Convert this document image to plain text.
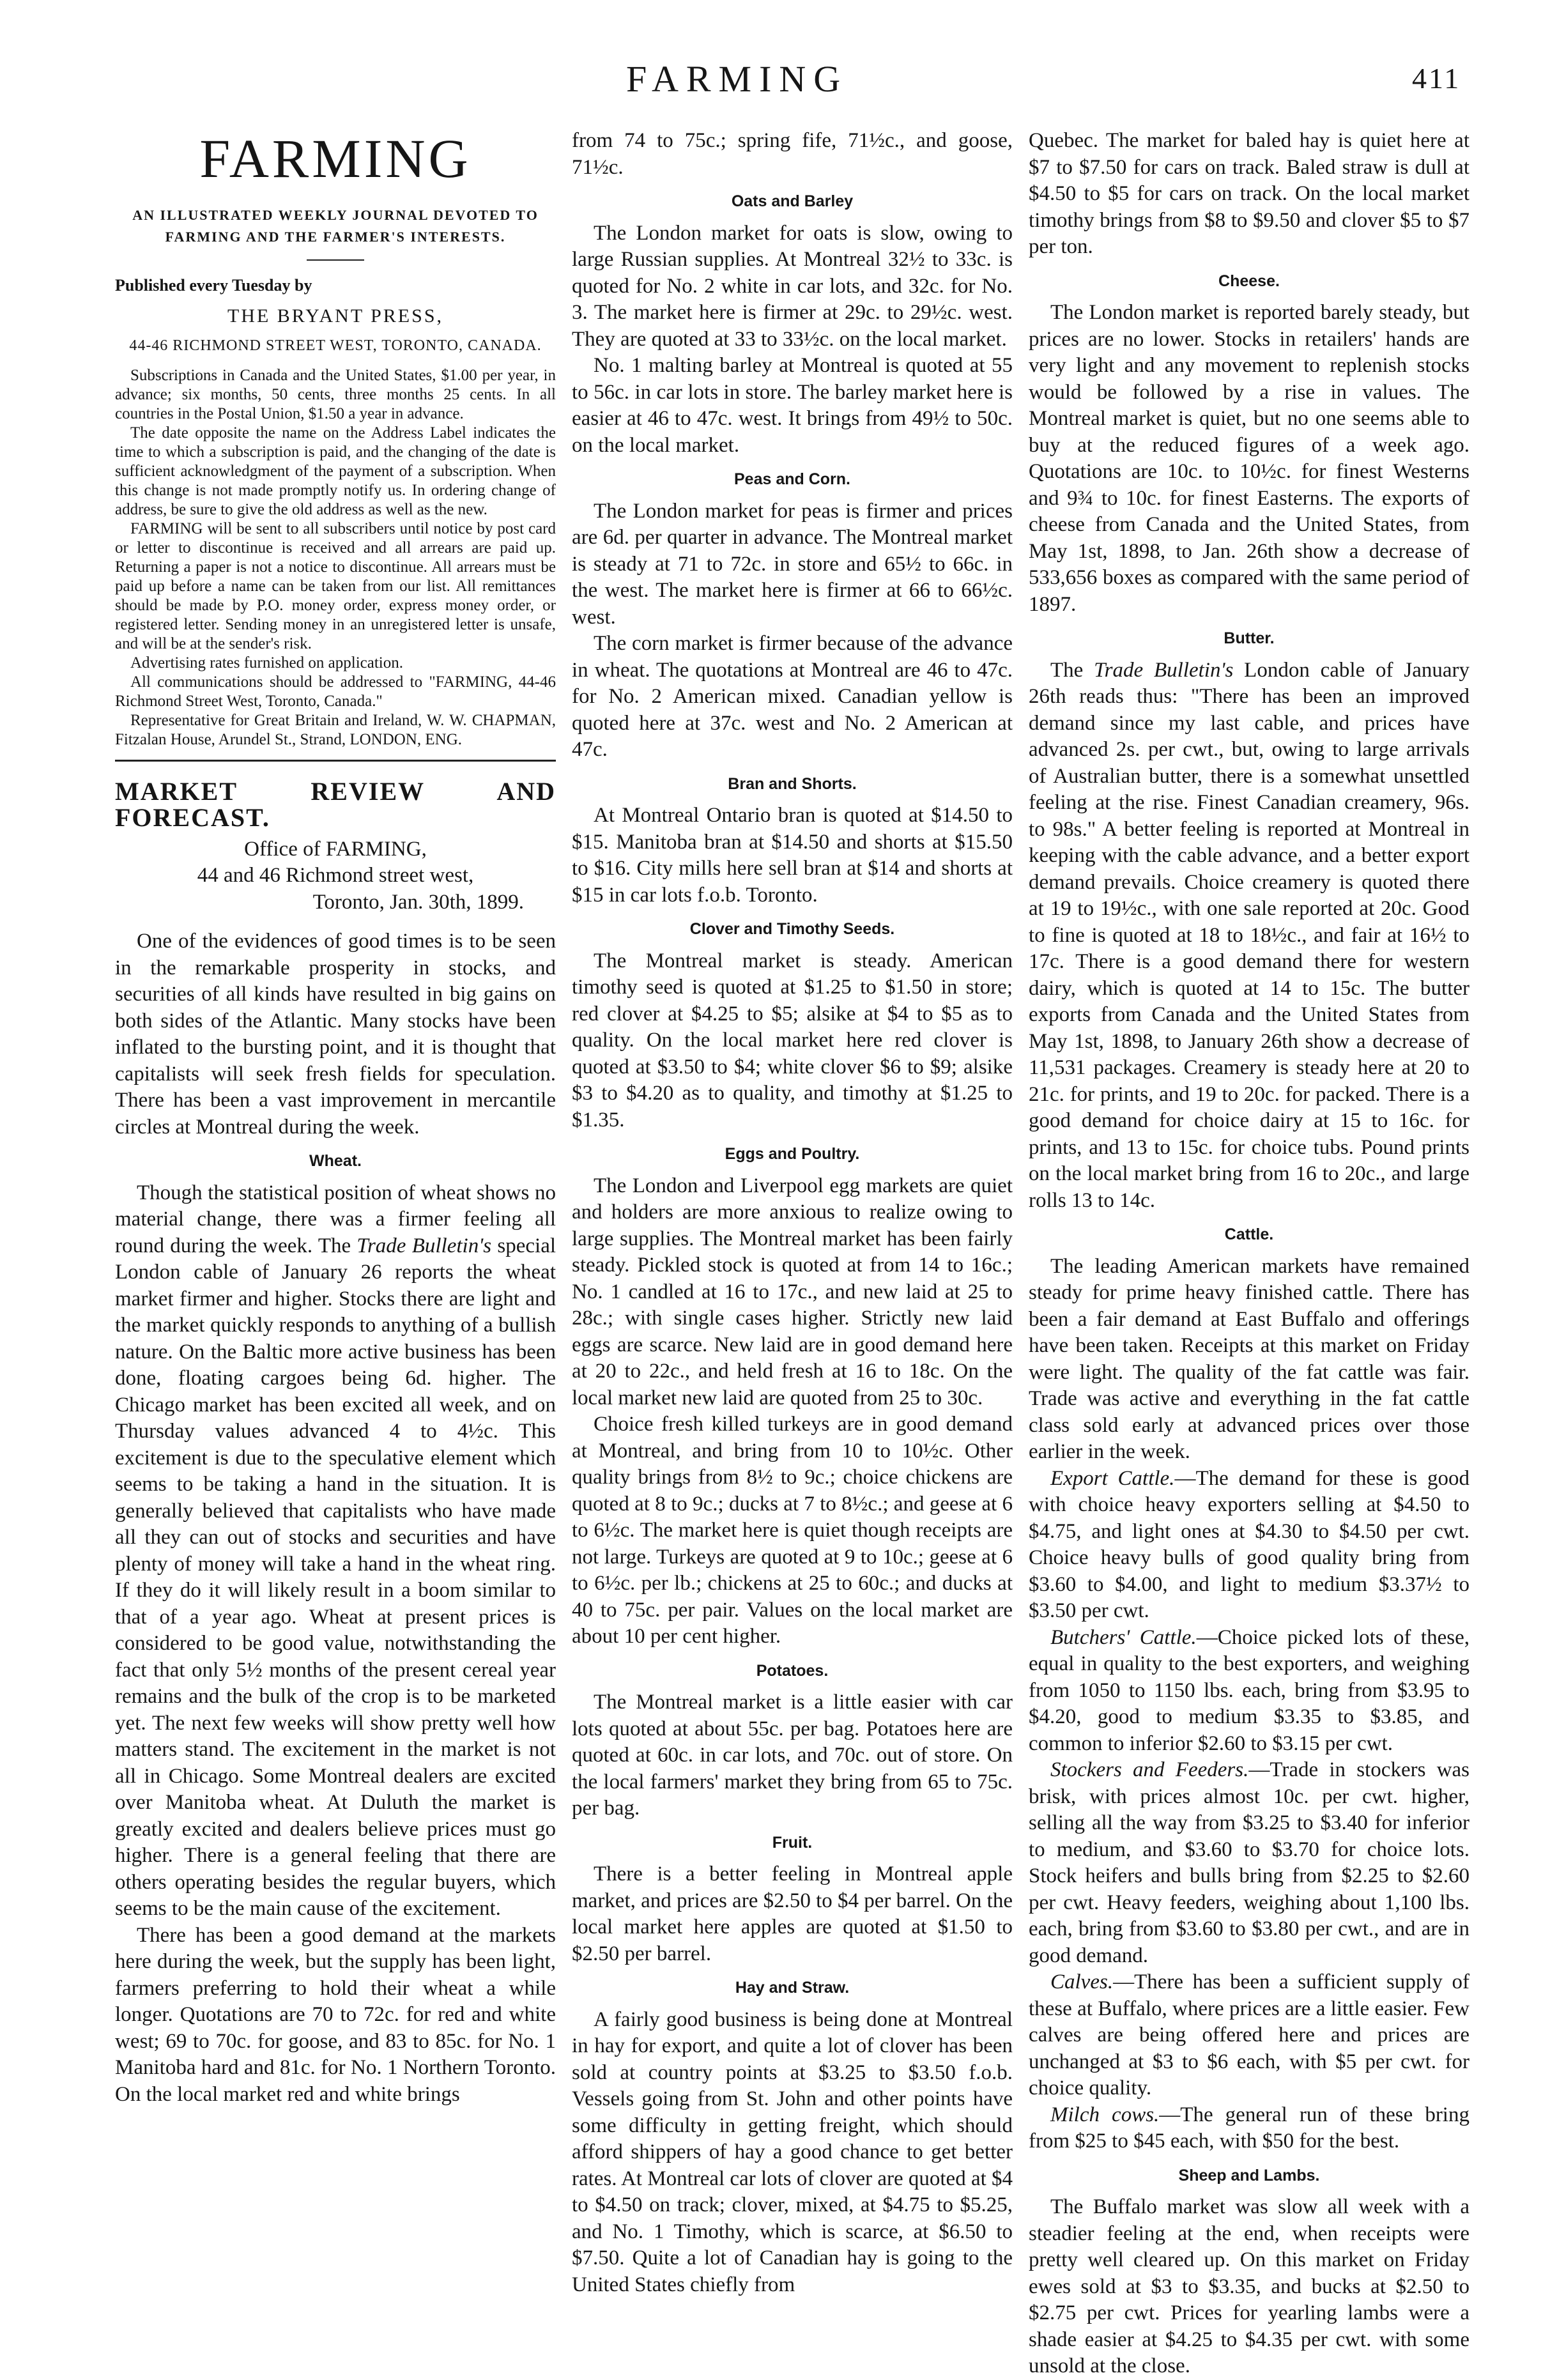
FARMING	411
FARMING

AN ILLUSTRATED WEEKLY JOURNAL DEVOTED TO

FARMING AND THE FARMER'S INTERESTS.

Published every Tuesday by

THE BRYANT PRESS,

44-46 RICHMOND STREET WEST, TORONTO, CANADA.

Subscriptions in Canada and the United States, $1.00 per year, in advance; six months, 50 cents, three months 25 cents. In all countries in the Postal Union, $1.50 a year in advance.

The date opposite the name on the Address Label indicates the time to which a subscription is paid, and the changing of the date is sufficient acknowledgment of the payment of a subscription. When this change is not made promptly notify us. In ordering change of address, be sure to give the old address as well as the new.

FARMING will be sent to all subscribers until notice by post card or letter to discontinue is received and all arrears are paid up. Returning a paper is not a notice to discontinue. All arrears must be paid up before a name can be taken from our list. All remittances should be made by P.O. money order, express money order, or registered letter. Sending money in an unregistered letter is unsafe, and will be at the sender's risk.

Advertising rates furnished on application.

All communications should be addressed to "FARMING, 44-46 Richmond Street West, Toronto, Canada."

Representative for Great Britain and Ireland, W. W. CHAPMAN, Fitzalan House, Arundel St., Strand, LONDON, ENG.

MARKET REVIEW AND FORECAST.

Office of FARMING,

44 and 46 Richmond street west,

Toronto, Jan. 30th, 1899.

One of the evidences of good times is to be seen in the remarkable prosperity in stocks, and securities of all kinds have resulted in big gains on both sides of the Atlantic. Many stocks have been inflated to the bursting point, and it is thought that capitalists will seek fresh fields for speculation. There has been a vast improvement in mercantile circles at Montreal during the week.

Wheat.

Though the statistical position of wheat shows no material change, there was a firmer feeling all round during the week. The Trade Bulletin's special London cable of January 26 reports the wheat market firmer and higher. Stocks there are light and the market quickly responds to anything of a bullish nature. On the Baltic more active business has been done, floating cargoes being 6d. higher. The Chicago market has been excited all week, and on Thursday values advanced 4 to 4½c. This excitement is due to the speculative element which seems to be taking a hand in the situation. It is generally believed that capitalists who have made all they can out of stocks and securities and have plenty of money will take a hand in the wheat ring. If they do it will likely result in a boom similar to that of a year ago. Wheat at present prices is considered to be good value, notwithstanding the fact that only 5½ months of the present cereal year remains and the bulk of the crop is to be marketed yet. The next few weeks will show pretty well how matters stand. The excitement in the market is not all in Chicago. Some Montreal dealers are excited over Manitoba wheat. At Duluth the market is greatly excited and dealers believe prices must go higher. There is a general feeling that there are others operating besides the regular buyers, which seems to be the main cause of the excitement.

There has been a good demand at the markets here during the week, but the supply has been light, farmers preferring to hold their wheat a while longer. Quotations are 70 to 72c. for red and white west; 69 to 70c. for goose, and 83 to 85c. for No. 1 Manitoba hard and 81c. for No. 1 Northern Toronto. On the local market red and white brings

from 74 to 75c.; spring fife, 71½c., and goose, 71½c.

Oats and Barley

The London market for oats is slow, owing to large Russian supplies. At Montreal 32½ to 33c. is quoted for No. 2 white in car lots, and 32c. for No. 3. The market here is firmer at 29c. to 29½c. west. They are quoted at 33 to 33½c. on the local market.

No. 1 malting barley at Montreal is quoted at 55 to 56c. in car lots in store. The barley market here is easier at 46 to 47c. west. It brings from 49½ to 50c. on the local market.

Peas and Corn.

The London market for peas is firmer and prices are 6d. per quarter in advance. The Montreal market is steady at 71 to 72c. in store and 65½ to 66c. in the west. The market here is firmer at 66 to 66½c. west.

The corn market is firmer because of the advance in wheat. The quotations at Montreal are 46 to 47c. for No. 2 American mixed. Canadian yellow is quoted here at 37c. west and No. 2 American at 47c.

Bran and Shorts.

At Montreal Ontario bran is quoted at $14.50 to $15. Manitoba bran at $14.50 and shorts at $15.50 to $16. City mills here sell bran at $14 and shorts at $15 in car lots f.o.b. Toronto.

Clover and Timothy Seeds.

The Montreal market is steady. American timothy seed is quoted at $1.25 to $1.50 in store; red clover at $4.25 to $5; alsike at $4 to $5 as to quality. On the local market here red clover is quoted at $3.50 to $4; white clover $6 to $9; alsike $3 to $4.20 as to quality, and timothy at $1.25 to $1.35.

Eggs and Poultry.

The London and Liverpool egg markets are quiet and holders are more anxious to realize owing to large supplies. The Montreal market has been fairly steady. Pickled stock is quoted at from 14 to 16c.; No. 1 candled at 16 to 17c., and new laid at 25 to 28c.; with single cases higher. Strictly new laid eggs are scarce. New laid are in good demand here at 20 to 22c., and held fresh at 16 to 18c. On the local market new laid are quoted from 25 to 30c.

Choice fresh killed turkeys are in good demand at Montreal, and bring from 10 to 10½c. Other quality brings from 8½ to 9c.; choice chickens are quoted at 8 to 9c.; ducks at 7 to 8½c.; and geese at 6 to 6½c. The market here is quiet though receipts are not large. Turkeys are quoted at 9 to 10c.; geese at 6 to 6½c. per lb.; chickens at 25 to 60c.; and ducks at 40 to 75c. per pair. Values on the local market are about 10 per cent higher.

Potatoes.

The Montreal market is a little easier with car lots quoted at about 55c. per bag. Potatoes here are quoted at 60c. in car lots, and 70c. out of store. On the local farmers' market they bring from 65 to 75c. per bag.

Fruit.

There is a better feeling in Montreal apple market, and prices are $2.50 to $4 per barrel. On the local market here apples are quoted at $1.50 to $2.50 per barrel.

Hay and Straw.

A fairly good business is being done at Montreal in hay for export, and quite a lot of clover has been sold at country points at $3.25 to $3.50 f.o.b. Vessels going from St. John and other points have some difficulty in getting freight, which should afford shippers of hay a good chance to get better rates. At Montreal car lots of clover are quoted at $4 to $4.50 on track; clover, mixed, at $4.75 to $5.25, and No. 1 Timothy, which is scarce, at $6.50 to $7.50. Quite a lot of Canadian hay is going to the United States chiefly from

Quebec. The market for baled hay is quiet here at $7 to $7.50 for cars on track. Baled straw is dull at $4.50 to $5 for cars on track. On the local market timothy brings from $8 to $9.50 and clover $5 to $7 per ton.

Cheese.

The London market is reported barely steady, but prices are no lower. Stocks in retailers' hands are very light and any movement to replenish stocks would be followed by a rise in values. The Montreal market is quiet, but no one seems able to buy at the reduced figures of a week ago. Quotations are 10c. to 10½c. for finest Westerns and 9¾ to 10c. for finest Easterns. The exports of cheese from Canada and the United States, from May 1st, 1898, to Jan. 26th show a decrease of 533,656 boxes as compared with the same period of 1897.

Butter.

The Trade Bulletin's London cable of January 26th reads thus: "There has been an improved demand since my last cable, and prices have advanced 2s. per cwt., but, owing to large arrivals of Australian butter, there is a somewhat unsettled feeling at the rise. Finest Canadian creamery, 96s. to 98s." A better feeling is reported at Montreal in keeping with the cable advance, and a better export demand prevails. Choice creamery is quoted there at 19 to 19½c., with one sale reported at 20c. Good to fine is quoted at 18 to 18½c., and fair at 16½ to 17c. There is a good demand there for western dairy, which is quoted at 14 to 15c. The butter exports from Canada and the United States from May 1st, 1898, to January 26th show a decrease of 11,531 packages. Creamery is steady here at 20 to 21c. for prints, and 19 to 20c. for packed. There is a good demand for choice dairy at 15 to 16c. for prints, and 13 to 15c. for choice tubs. Pound prints on the local market bring from 16 to 20c., and large rolls 13 to 14c.

Cattle.

The leading American markets have remained steady for prime heavy finished cattle. There has been a fair demand at East Buffalo and offerings have been taken. Receipts at this market on Friday were light. The quality of the fat cattle was fair. Trade was active and everything in the fat cattle class sold early at advanced prices over those earlier in the week.

Export Cattle.—The demand for these is good with choice heavy exporters selling at $4.50 to $4.75, and light ones at $4.30 to $4.50 per cwt. Choice heavy bulls of good quality bring from $3.60 to $4.00, and light to medium $3.37½ to $3.50 per cwt.

Butchers' Cattle.—Choice picked lots of these, equal in quality to the best exporters, and weighing from 1050 to 1150 lbs. each, bring from $3.95 to $4.20, good to medium $3.35 to $3.85, and common to inferior $2.60 to $3.15 per cwt.

Stockers and Feeders.—Trade in stockers was brisk, with prices almost 10c. per cwt. higher, selling all the way from $3.25 to $3.40 for inferior to medium, and $3.60 to $3.70 for choice lots. Stock heifers and bulls bring from $2.25 to $2.60 per cwt. Heavy feeders, weighing about 1,100 lbs. each, bring from $3.60 to $3.80 per cwt., and are in good demand.

Calves.—There has been a sufficient supply of these at Buffalo, where prices are a little easier. Few calves are being offered here and prices are unchanged at $3 to $6 each, with $5 per cwt. for choice quality.

Milch cows.—The general run of these bring from $25 to $45 each, with $50 for the best.

Sheep and Lambs.

The Buffalo market was slow all week with a steadier feeling at the end, when receipts were pretty well cleared up. On this market on Friday ewes sold at $3 to $3.35, and bucks at $2.50 to $2.75 per cwt. Prices for yearling lambs were a shade easier at $4.25 to $4.35 per cwt. with some unsold at the close.
